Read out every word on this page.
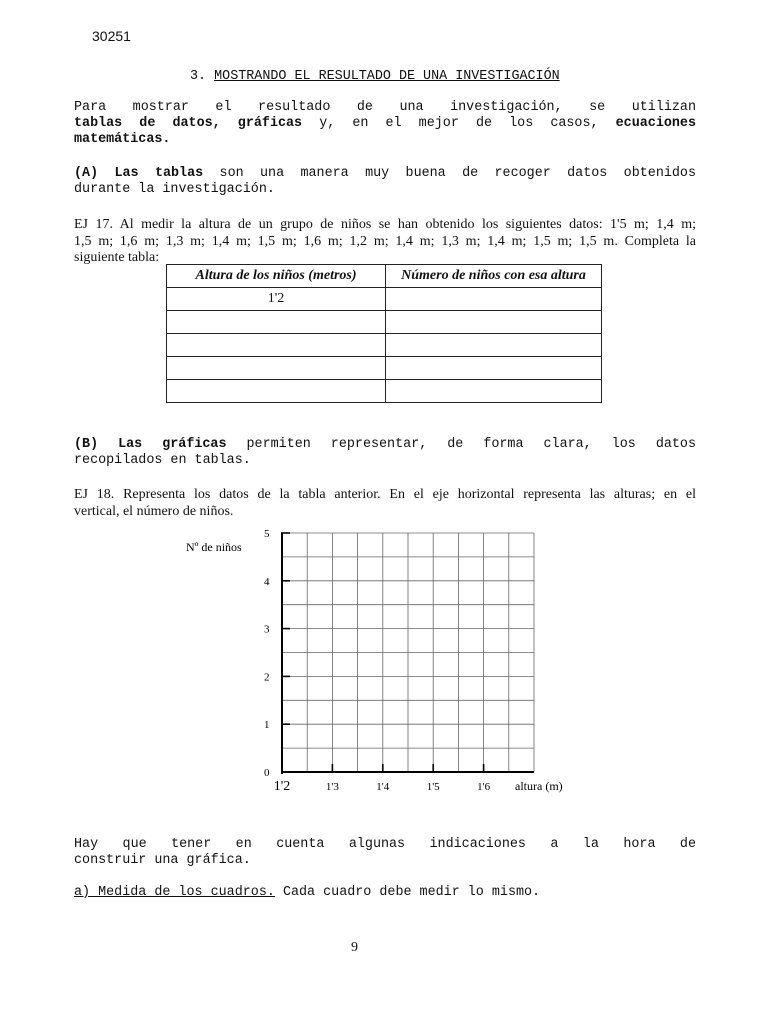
30251
3. MOSTRANDO EL RESULTADO DE UNA INVESTIGACIÓN
Para mostrar el resultado de una investigación, se utilizan
tablas de datos, gráficas y, en el mejor de los casos, ecuaciones
matemáticas.
(A) Las tablas son una manera muy buena de recoger datos obtenidos
durante la investigación.
EJ 17. Al medir la altura de un grupo de niños se han obtenido los siguientes datos: 1'5 m; 1,4 m;
1,5 m; 1,6 m; 1,3 m; 1,4 m; 1,5 m; 1,6 m; 1,2 m; 1,4 m; 1,3 m; 1,4 m; 1,5 m; 1,5 m. Completa la
siguiente tabla:
Altura de los niños (metros)	Número de niños con esa altura
1'2	

(B) Las gráficas permiten representar, de forma clara, los datos
recopilados en tablas.
EJ 18. Representa los datos de la tabla anterior. En el eje horizontal representa las alturas; en el
vertical, el número de niños.
Nº de niños
0
1
2
3
4
5
1'2	1'3	1'4	1'5	1'6 altura (m)
Hay que tener en cuenta algunas indicaciones a la hora de
construir una gráfica.
a) Medida de los cuadros. Cada cuadro debe medir lo mismo.
9
